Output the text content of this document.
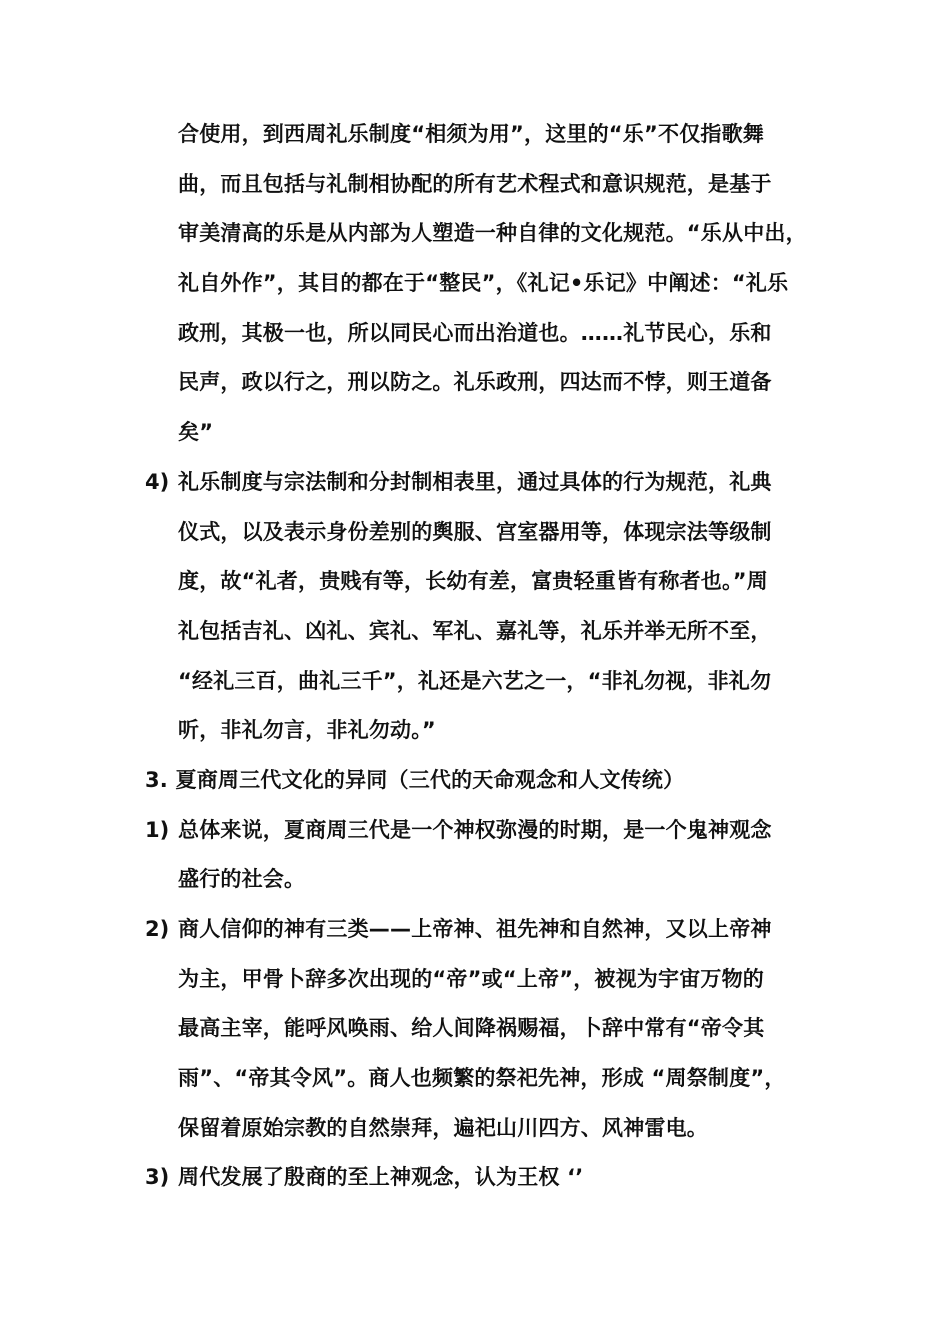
合使用，到西周礼乐制度“相须为用”，这里的“乐”不仅指歌舞
曲，而且包括与礼制相协配的所有艺术程式和意识规范，是基于
审美清高的乐是从内部为人塑造一种自律的文化规范。“乐从中出，
礼自外作”，其目的都在于“整民”，《礼记•乐记》中阐述：“礼乐
政刑，其极一也，所以同民心而出治道也。……礼节民心，乐和
民声，政以行之，刑以防之。礼乐政刑，四达而不悖，则王道备
矣”
4) 礼乐制度与宗法制和分封制相表里，通过具体的行为规范，礼典
仪式，以及表示身份差别的舆服、宫室器用等，体现宗法等级制
度，故“礼者，贵贱有等，长幼有差，富贵轻重皆有称者也。”周
礼包括吉礼、凶礼、宾礼、军礼、嘉礼等，礼乐并举无所不至，
“经礼三百，曲礼三千”，礼还是六艺之一，“非礼勿视，非礼勿
听，非礼勿言，非礼勿动。”
3. 夏商周三代文化的异同（三代的天命观念和人文传统）
1) 总体来说，夏商周三代是一个神权弥漫的时期，是一个鬼神观念
盛行的社会。
2) 商人信仰的神有三类——上帝神、祖先神和自然神，又以上帝神
为主，甲骨卜辞多次出现的“帝”或“上帝”，被视为宇宙万物的
最高主宰，能呼风唤雨、给人间降祸赐福，卜辞中常有“帝令其
雨”、“帝其令风”。商人也频繁的祭祀先神，形成 “周祭制度”，
保留着原始宗教的自然崇拜，遍祀山川四方、风神雷电。
3) 周代发展了殷商的至上神观念，认为王权 ‘’
